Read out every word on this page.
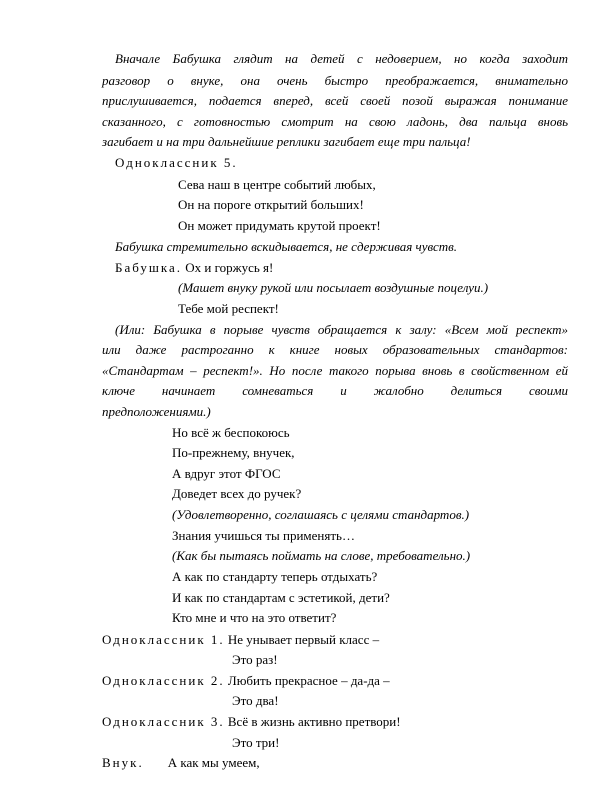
Вначале Бабушка глядит на детей с недоверием, но когда заходит
разговор о внуке, она очень быстро преображается, внимательно
прислушивается, подается вперед, всей своей позой выражая понимание
сказанного, с готовностью смотрит на свою ладонь, два пальца вновь
загибает и на три дальнейшие реплики загибает еще три пальца!
Одноклассник 5.
Сева наш в центре событий любых,
Он на пороге открытий больших!
Он может придумать крутой проект!
Бабушка стремительно вскидывается, не сдерживая чувств.
Бабушка. Ох и горжусь я!
(Машет внуку рукой или посылает воздушные поцелуи.)
Тебе мой респект!
(Или: Бабушка в порыве чувств обращается к залу: «Всем мой респект»
или даже растроганно к книге новых образовательных стандартов:
«Стандартам – респект!». Но после такого порыва вновь в свойственном ей
ключе начинает сомневаться и жалобно делиться своими
предположениями.)
Но всё ж беспокоюсь
По-прежнему, внучек,
А вдруг этот ФГОС
Доведет всех до ручек?
(Удовлетворенно, соглашаясь с целями стандартов.)
Знания учишься ты применять…
(Как бы пытаясь поймать на слове, требовательно.)
А как по стандарту теперь отдыхать?
И как по стандартам с эстетикой, дети?
Кто мне и что на это ответит?
Одноклассник 1. Не унывает первый класс –
Это раз!
Одноклассник 2. Любить прекрасное – да-да –
Это два!
Одноклассник 3. Всё в жизнь активно претвори!
Это три!
Внук. А как мы умеем,
